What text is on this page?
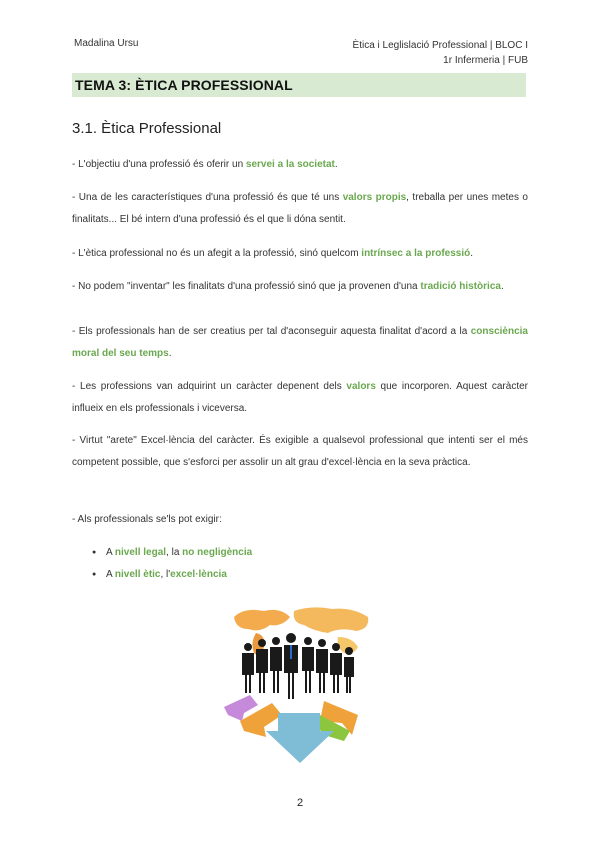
Madalina Ursu	Ètica i Leglislació Professional | BLOC I
1r Infermeria | FUB
TEMA 3: ÈTICA PROFESSIONAL
3.1. Ètica Professional

- L'objectiu d'una professió és oferir un servei a la societat.

- Una de les característiques d'una professió és que té uns valors propis, treballa per unes metes o finalitats... El bé intern d'una professió és el que li dóna sentit.

- L'ètica professional no és un afegit a la professió, sinó quelcom intrínsec a la professió.

- No podem "inventar" les finalitats d'una professió sinó que ja provenen d'una tradició històrica.

- Els professionals han de ser creatius per tal d'aconseguir aquesta finalitat d'acord a la consciència moral del seu temps.

- Les professions van adquirint un caràcter depenent dels valors que incorporen. Aquest caràcter influeix en els professionals i viceversa.

- Virtut "arete" Excel·lència del caràcter. És exigible a qualsevol professional que intenti ser el més competent possible, que s'esforci per assolir un alt grau d'excel·lència en la seva pràctica.

- Als professionals se'ls pot exigir:

● A nivell legal, la no negligència
● A nivell ètic, l'excel·lència
2
